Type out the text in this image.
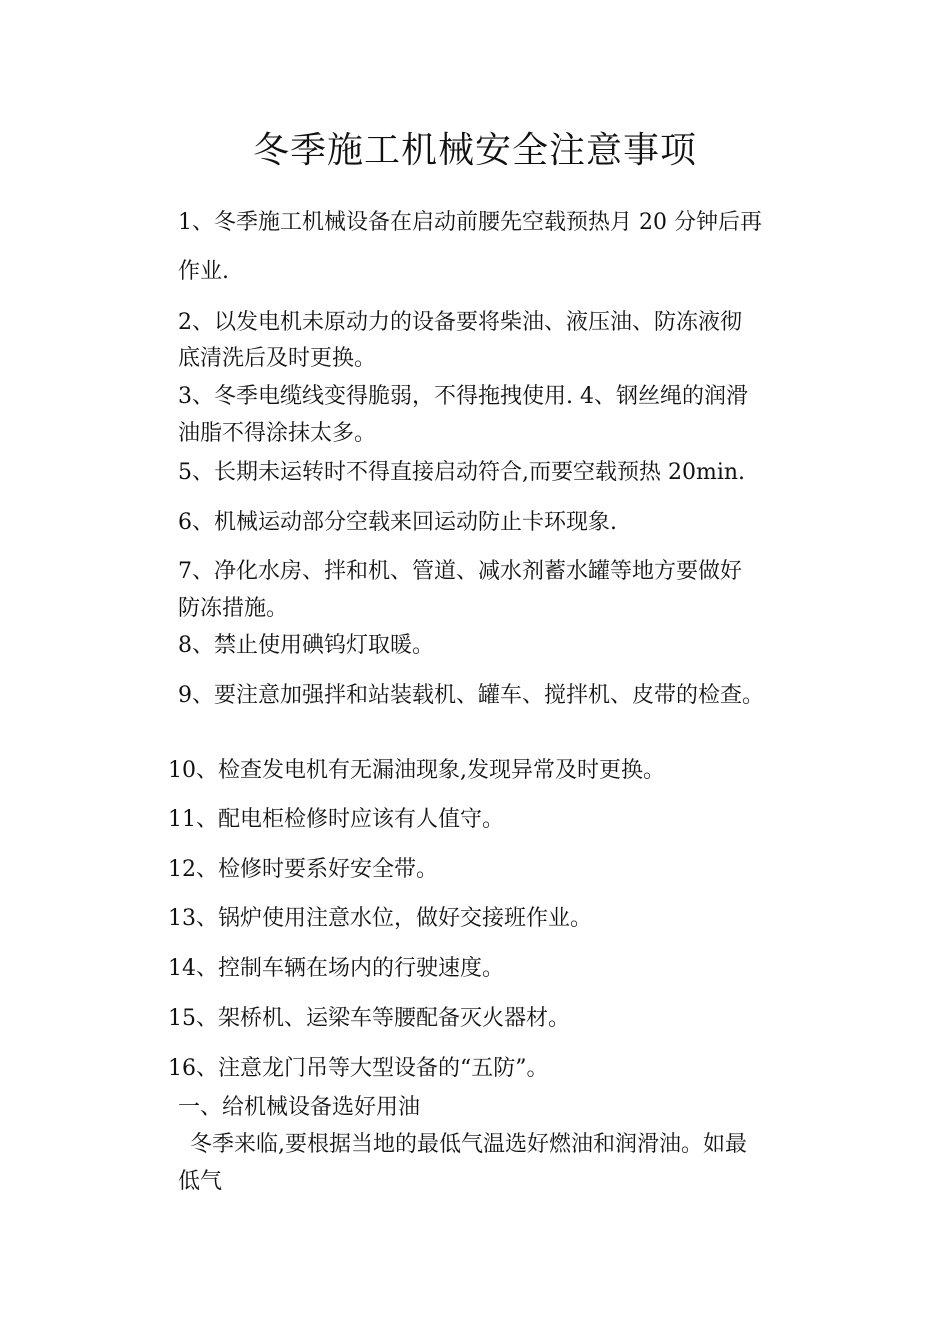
冬季施工机械安全注意事项
1、冬季施工机械设备在启动前腰先空载预热月 20 分钟后再
作业.
2、以发电机未原动力的设备要将柴油、液压油、防冻液彻
底清洗后及时更换。
3、冬季电缆线变得脆弱，不得拖拽使用. 4、钢丝绳的润滑
油脂不得涂抹太多。
5、长期未运转时不得直接启动符合,而要空载预热 20min.
6、机械运动部分空载来回运动防止卡环现象.
7、净化水房、拌和机、管道、减水剂蓄水罐等地方要做好
防冻措施。
8、禁止使用碘钨灯取暖。
9、要注意加强拌和站装载机、罐车、搅拌机、皮带的检查。
10、检查发电机有无漏油现象,发现异常及时更换。
11、配电柜检修时应该有人值守。
12、检修时要系好安全带。
13、锅炉使用注意水位，做好交接班作业。
14、控制车辆在场内的行驶速度。
15、架桥机、运梁车等腰配备灭火器材。
16、注意龙门吊等大型设备的“五防”。
一、给机械设备选好用油
冬季来临,要根据当地的最低气温选好燃油和润滑油。如最
低气
